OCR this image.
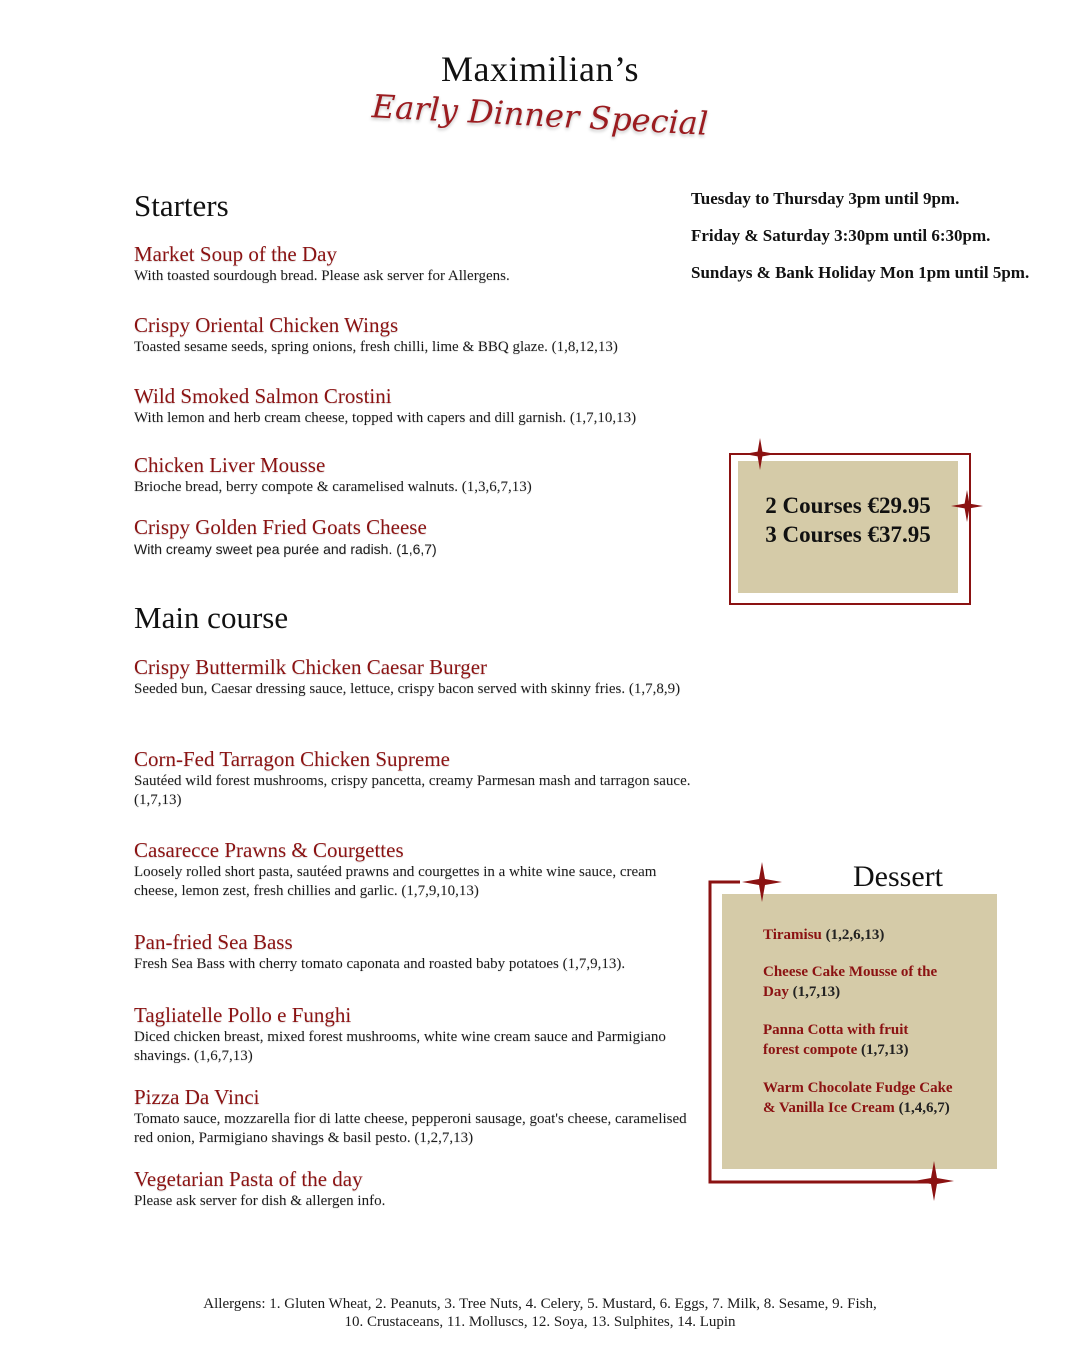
Maximilian’s
Early Dinner Special
Tuesday to Thursday 3pm until 9pm.
Friday & Saturday 3:30pm until 6:30pm.
Sundays & Bank Holiday Mon 1pm until 5pm.
Starters
Market Soup of the Day
With toasted sourdough bread. Please ask server for Allergens.
Crispy Oriental Chicken Wings
Toasted sesame seeds, spring onions, fresh chilli, lime & BBQ glaze. (1,8,12,13)
Wild Smoked Salmon Crostini
With lemon and herb cream cheese, topped with capers and dill garnish. (1,7,10,13)
Chicken Liver Mousse
Brioche bread, berry compote & caramelised walnuts. (1,3,6,7,13)
Crispy Golden Fried Goats Cheese
With creamy sweet pea purée and radish. (1,6,7)
Main course
Crispy Buttermilk Chicken Caesar Burger
Seeded bun, Caesar dressing sauce, lettuce, crispy bacon served with skinny fries. (1,7,8,9)
Corn-Fed Tarragon Chicken Supreme
Sautéed wild forest mushrooms, crispy pancetta, creamy Parmesan mash and tarragon sauce. (1,7,13)
Casarecce Prawns & Courgettes
Loosely rolled short pasta, sautéed prawns and courgettes in a white wine sauce, cream cheese, lemon zest, fresh chillies and garlic. (1,7,9,10,13)
Pan-fried Sea Bass
Fresh Sea Bass with cherry tomato caponata and roasted baby potatoes (1,7,9,13).
Tagliatelle Pollo e Funghi
Diced chicken breast, mixed forest mushrooms, white wine cream sauce and Parmigiano shavings. (1,6,7,13)
Pizza Da Vinci
Tomato sauce, mozzarella fior di latte cheese, pepperoni sausage, goat's cheese, caramelised red onion, Parmigiano shavings & basil pesto. (1,2,7,13)
Vegetarian Pasta of the day
Please ask server for dish & allergen info.
2 Courses €29.95
3 Courses €37.95
Dessert
Tiramisu (1,2,6,13)
Cheese Cake Mousse of the Day (1,7,13)
Panna Cotta with fruit forest compote (1,7,13)
Warm Chocolate Fudge Cake & Vanilla Ice Cream (1,4,6,7)
Allergens: 1. Gluten Wheat, 2. Peanuts, 3. Tree Nuts, 4. Celery, 5. Mustard, 6. Eggs, 7. Milk, 8. Sesame, 9. Fish,
10. Crustaceans, 11. Molluscs, 12. Soya, 13. Sulphites, 14. Lupin
